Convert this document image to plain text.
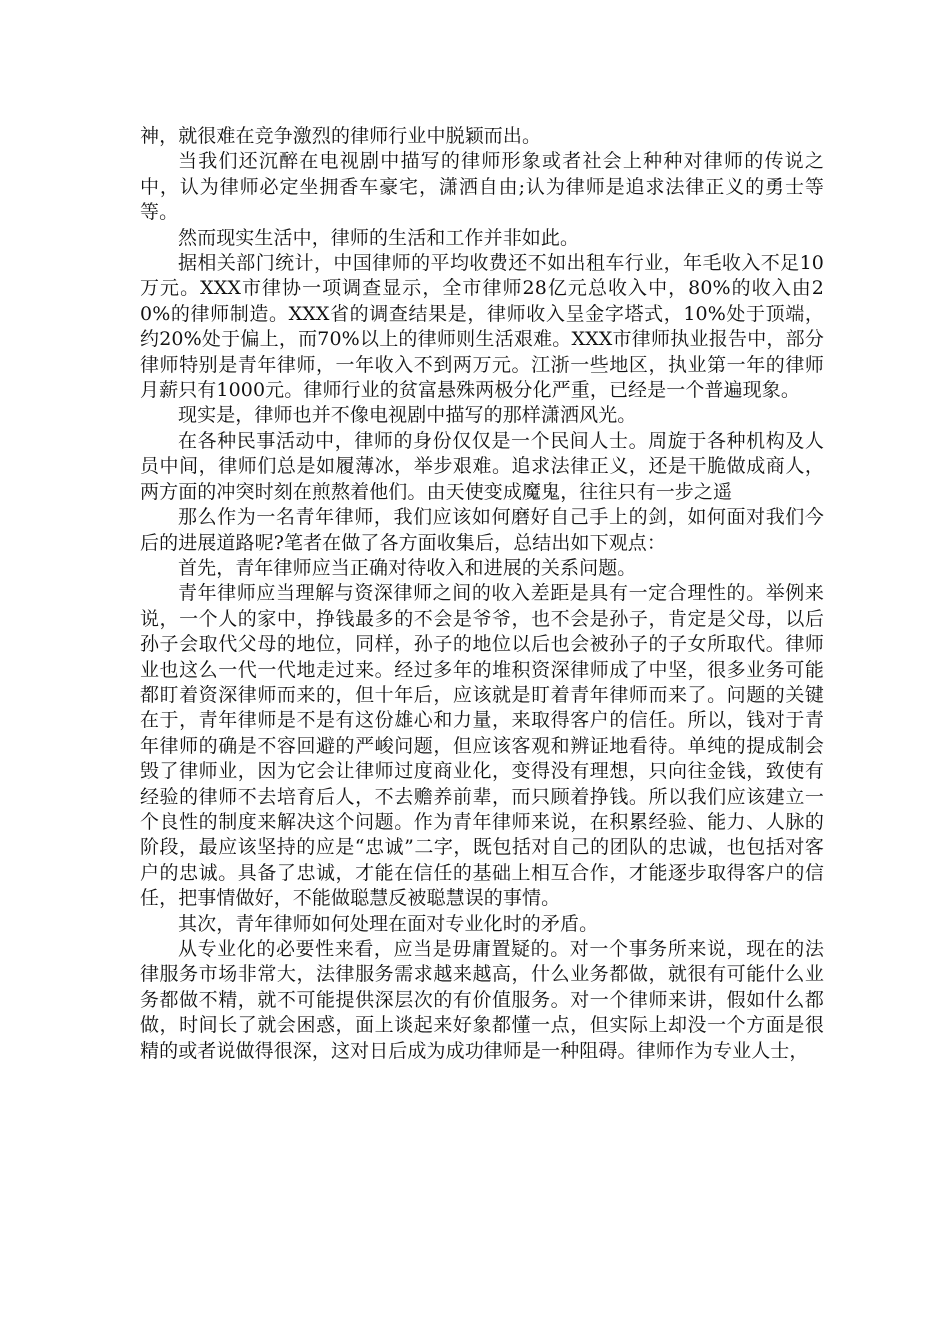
神，就很难在竞争激烈的律师行业中脱颖而出。

当我们还沉醉在电视剧中描写的律师形象或者社会上种种对律师的传说之中，认为律师必定坐拥香车豪宅，潇洒自由;认为律师是追求法律正义的勇士等等。

然而现实生活中，律师的生活和工作并非如此。

据相关部门统计，中国律师的平均收费还不如出租车行业，年毛收入不足10万元。XXX市律协一项调查显示，全市律师28亿元总收入中，80%的收入由20%的律师制造。XXX省的调查结果是，律师收入呈金字塔式，10%处于顶端，约20%处于偏上，而70%以上的律师则生活艰难。XXX市律师执业报告中，部分律师特别是青年律师，一年收入不到两万元。江浙一些地区，执业第一年的律师月薪只有1000元。律师行业的贫富悬殊两极分化严重，已经是一个普遍现象。

现实是，律师也并不像电视剧中描写的那样潇洒风光。

在各种民事活动中，律师的身份仅仅是一个民间人士。周旋于各种机构及人员中间，律师们总是如履薄冰，举步艰难。追求法律正义，还是干脆做成商人，两方面的冲突时刻在煎熬着他们。由天使变成魔鬼，往往只有一步之遥

那么作为一名青年律师，我们应该如何磨好自己手上的剑，如何面对我们今后的进展道路呢?笔者在做了各方面收集后，总结出如下观点：

首先，青年律师应当正确对待收入和进展的关系问题。

青年律师应当理解与资深律师之间的收入差距是具有一定合理性的。举例来说，一个人的家中，挣钱最多的不会是爷爷，也不会是孙子，肯定是父母，以后孙子会取代父母的地位，同样，孙子的地位以后也会被孙子的子女所取代。律师业也这么一代一代地走过来。经过多年的堆积资深律师成了中坚，很多业务可能都盯着资深律师而来的，但十年后，应该就是盯着青年律师而来了。问题的关键在于，青年律师是不是有这份雄心和力量，来取得客户的信任。所以，钱对于青年律师的确是不容回避的严峻问题，但应该客观和辨证地看待。单纯的提成制会毁了律师业，因为它会让律师过度商业化，变得没有理想，只向往金钱，致使有经验的律师不去培育后人，不去赡养前辈，而只顾着挣钱。所以我们应该建立一个良性的制度来解决这个问题。作为青年律师来说，在积累经验、能力、人脉的阶段，最应该坚持的应是“忠诚”二字，既包括对自己的团队的忠诚，也包括对客户的忠诚。具备了忠诚，才能在信任的基础上相互合作，才能逐步取得客户的信任，把事情做好，不能做聪慧反被聪慧误的事情。

其次，青年律师如何处理在面对专业化时的矛盾。

从专业化的必要性来看，应当是毋庸置疑的。对一个事务所来说，现在的法律服务市场非常大，法律服务需求越来越高，什么业务都做，就很有可能什么业务都做不精，就不可能提供深层次的有价值服务。对一个律师来讲，假如什么都做，时间长了就会困惑，面上谈起来好象都懂一点，但实际上却没一个方面是很精的或者说做得很深，这对日后成为成功律师是一种阻碍。律师作为专业人士，
